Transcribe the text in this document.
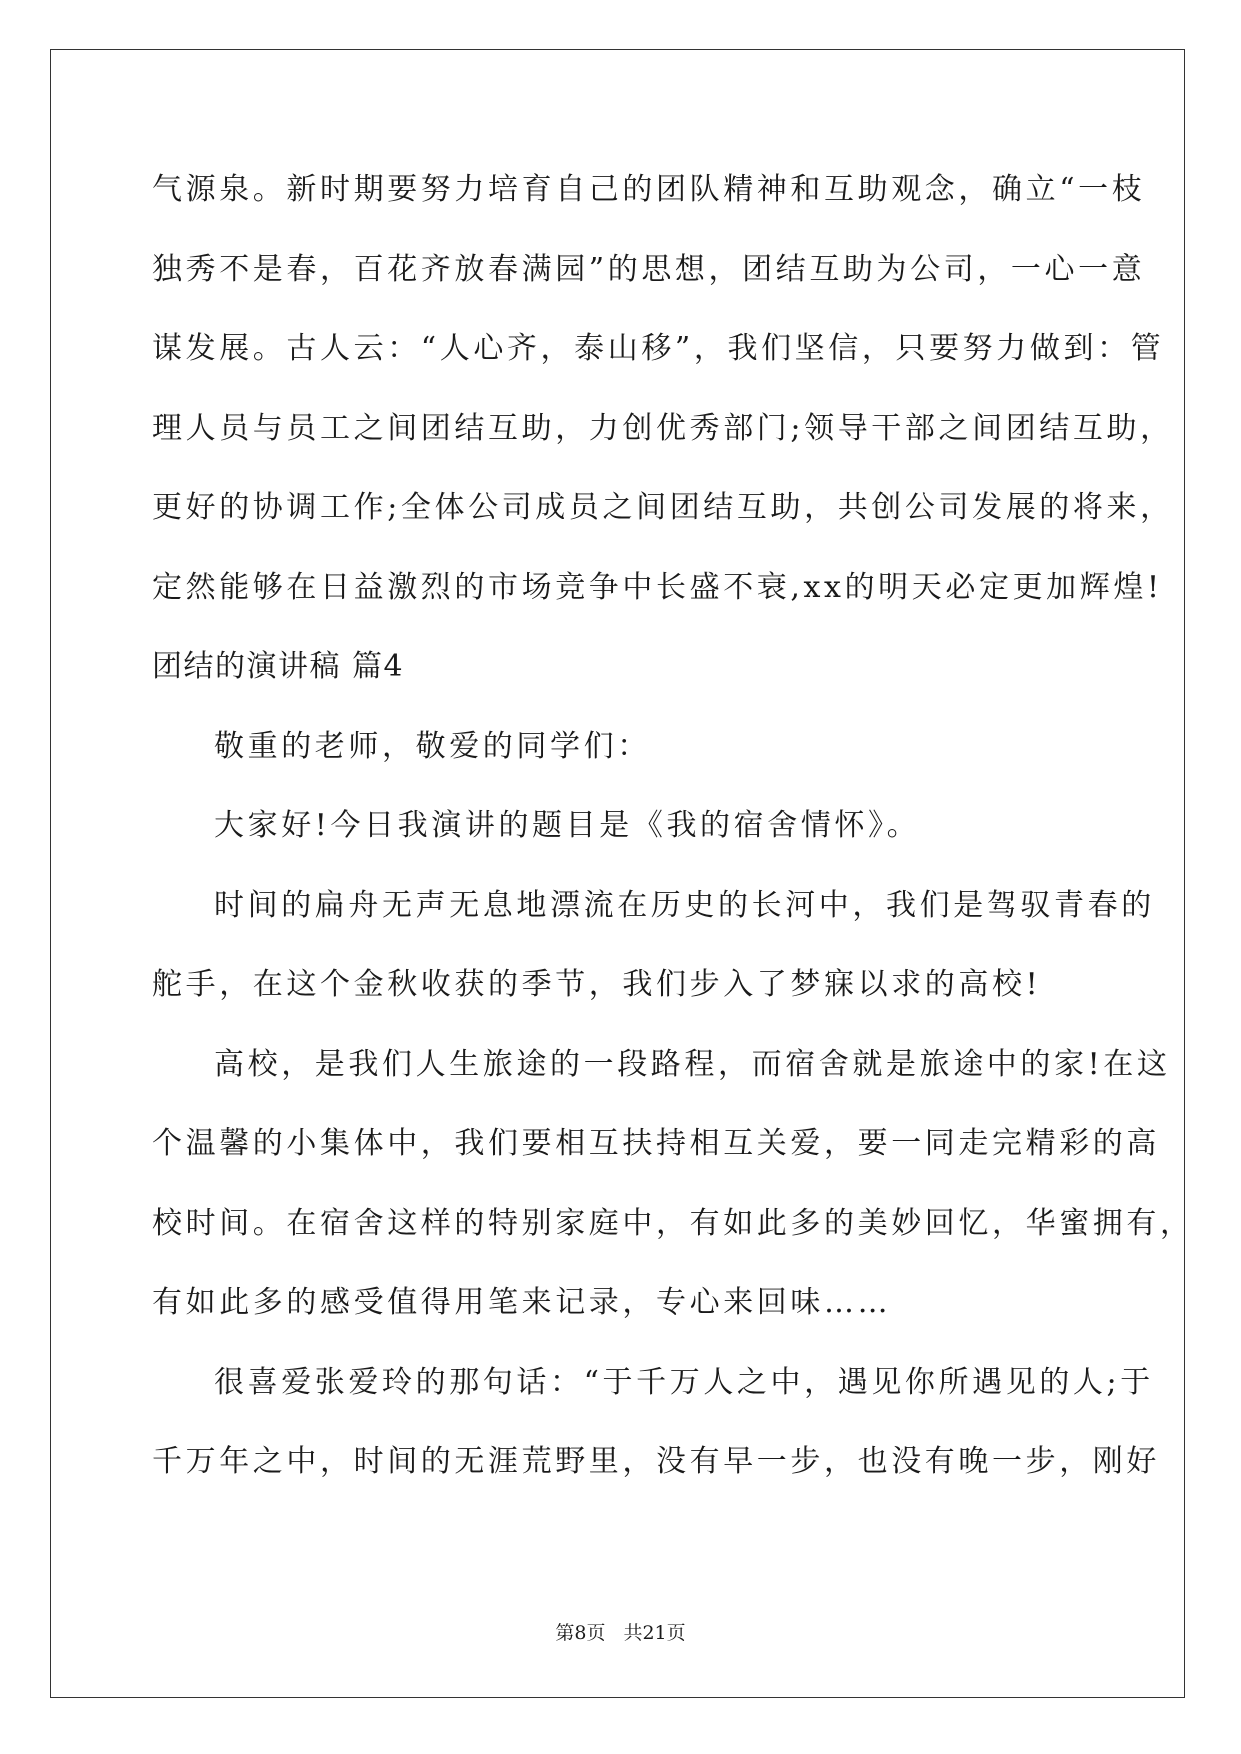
气源泉。新时期要努力培育自己的团队精神和互助观念，确立“一枝
独秀不是春，百花齐放春满园”的思想，团结互助为公司，一心一意
谋发展。古人云：“人心齐，泰山移”，我们坚信，只要努力做到：管
理人员与员工之间团结互助，力创优秀部门;领导干部之间团结互助，
更好的协调工作;全体公司成员之间团结互助，共创公司发展的将来，
定然能够在日益激烈的市场竞争中长盛不衰,xx的明天必定更加辉煌!
团结的演讲稿 篇4
敬重的老师，敬爱的同学们：
大家好!今日我演讲的题目是《我的宿舍情怀》。
时间的扁舟无声无息地漂流在历史的长河中，我们是驾驭青春的
舵手，在这个金秋收获的季节，我们步入了梦寐以求的高校!
高校，是我们人生旅途的一段路程，而宿舍就是旅途中的家!在这
个温馨的小集体中，我们要相互扶持相互关爱，要一同走完精彩的高
校时间。在宿舍这样的特别家庭中，有如此多的美妙回忆，华蜜拥有，
有如此多的感受值得用笔来记录，专心来回味……
很喜爱张爱玲的那句话：“于千万人之中，遇见你所遇见的人;于
千万年之中，时间的无涯荒野里，没有早一步，也没有晚一步，刚好
第8页 共21页
